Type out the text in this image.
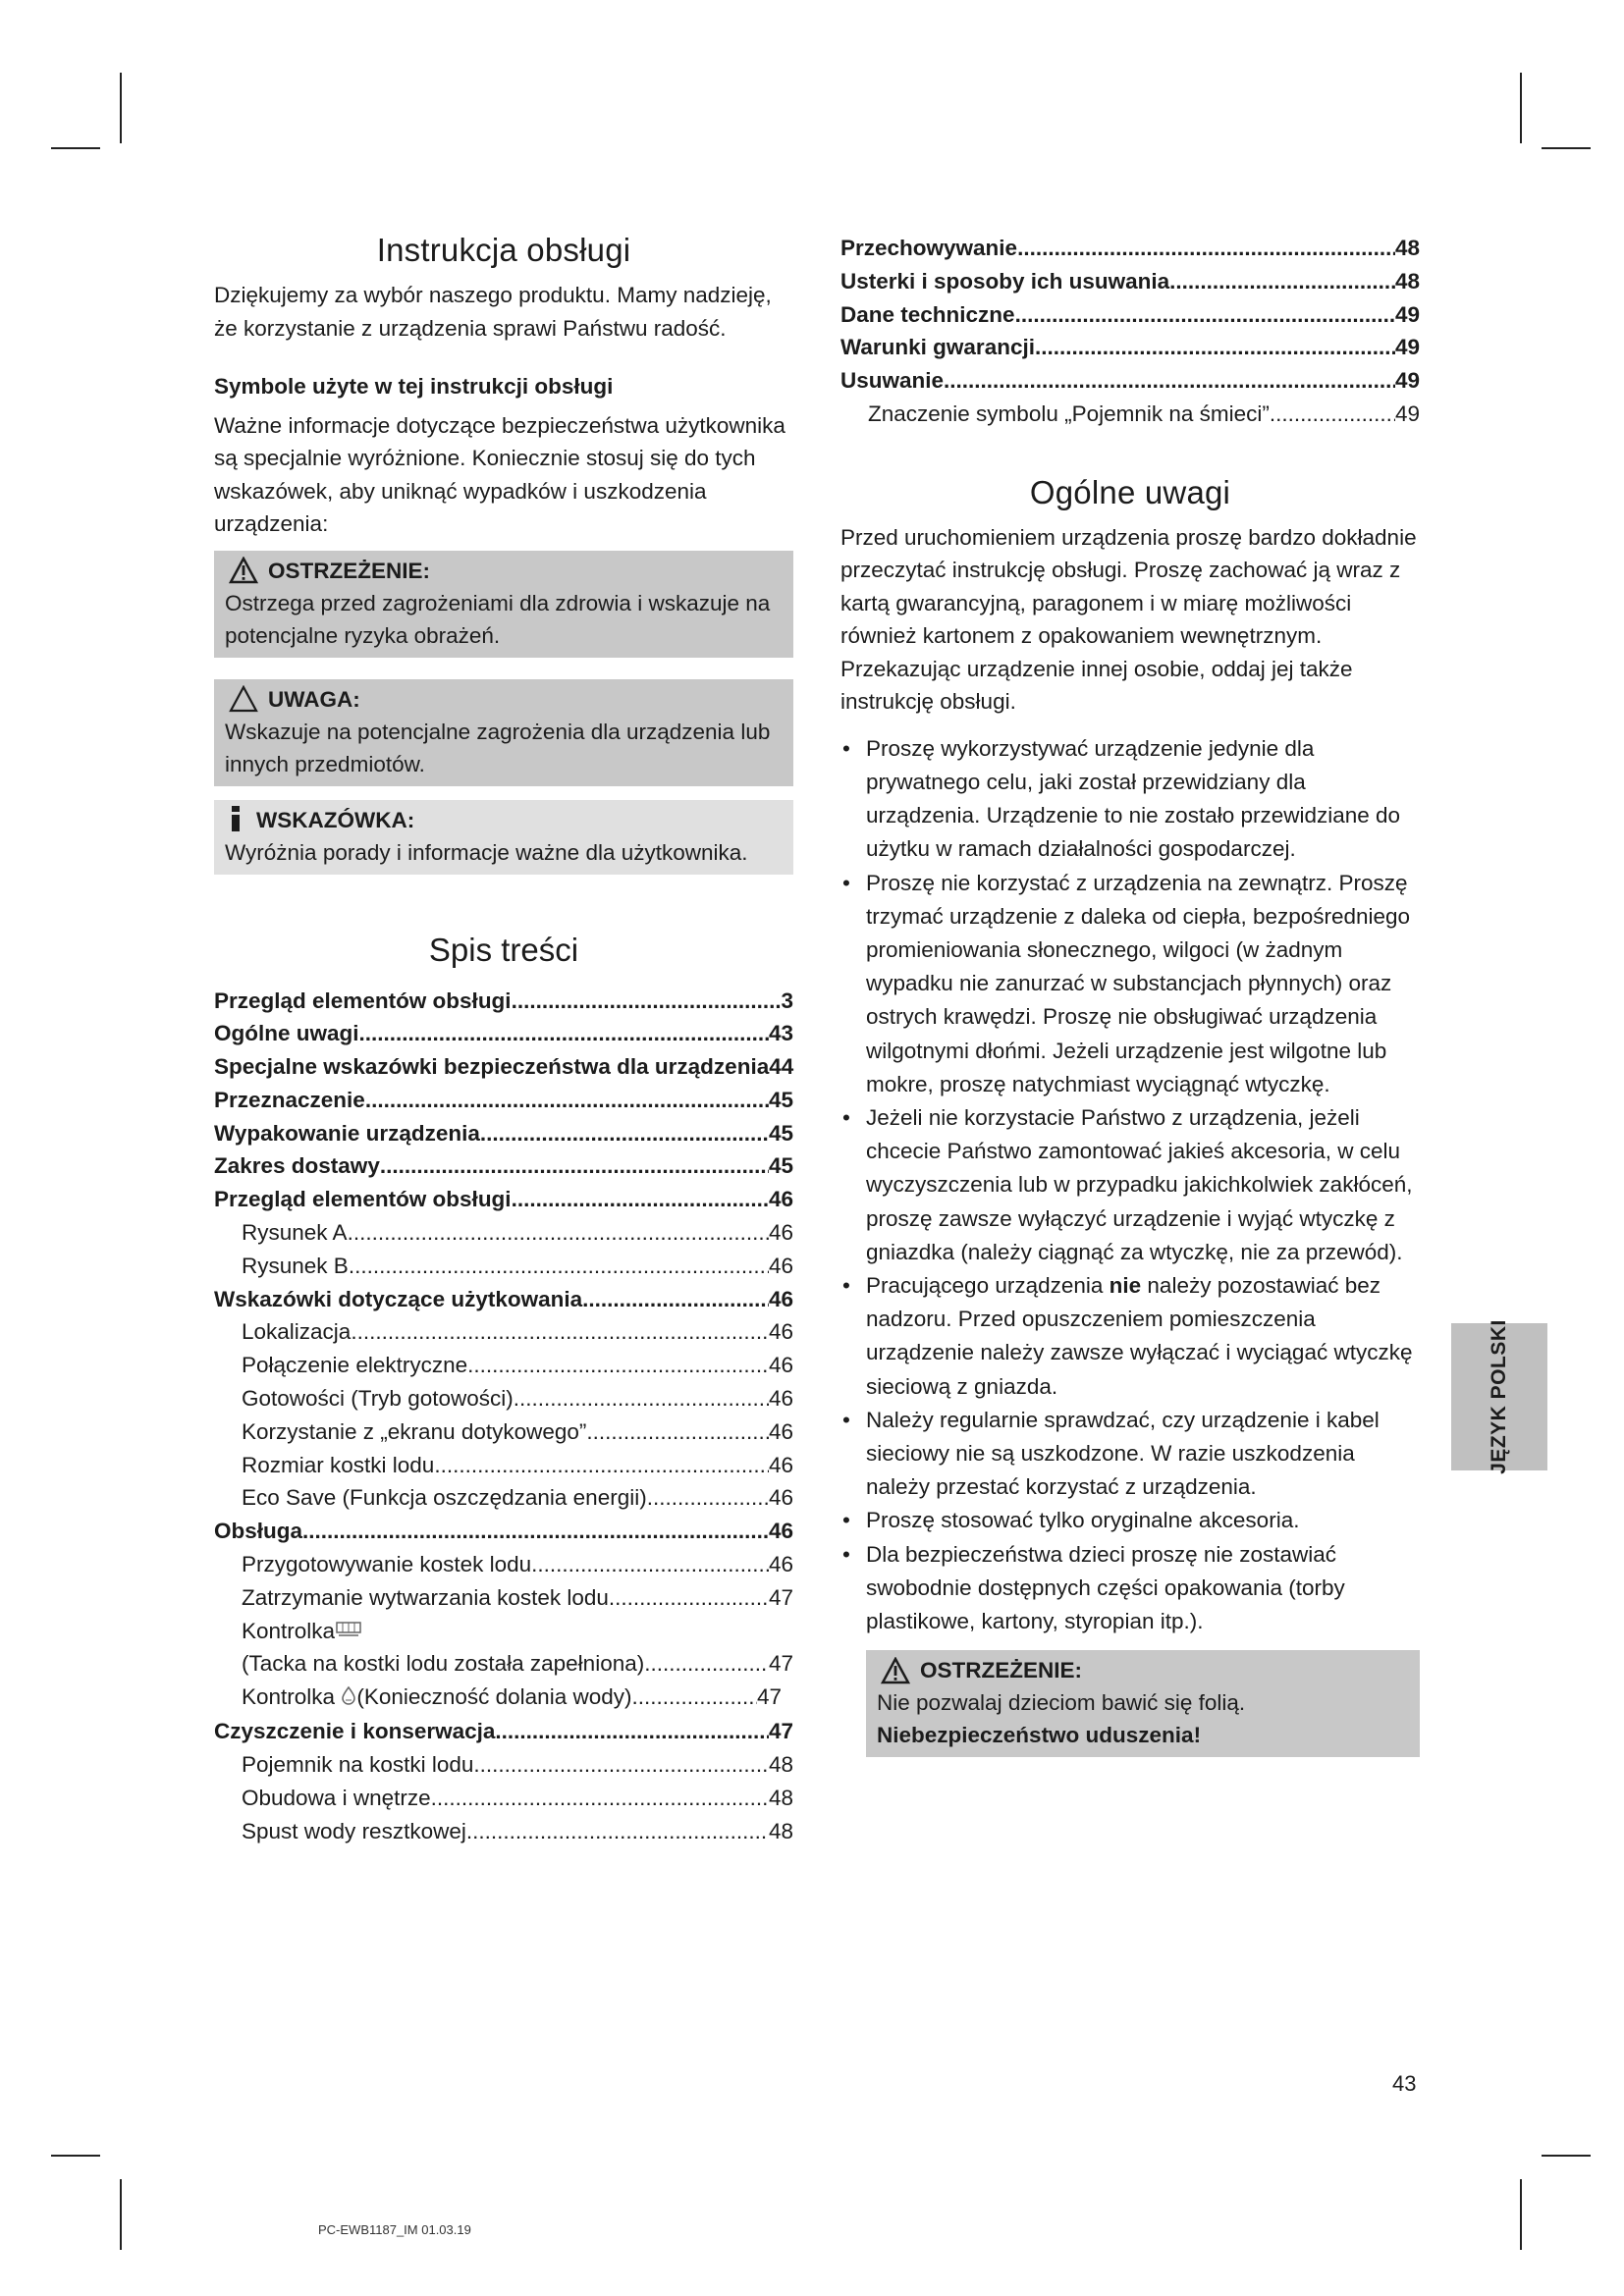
Instrukcja obsługi

Dziękujemy za wybór naszego produktu. Mamy nadzieję, że korzystanie z urządzenia sprawi Państwu radość.

Symbole użyte w tej instrukcji obsługi

Ważne informacje dotyczące bezpieczeństwa użytkownika są specjalnie wyróżnione. Koniecznie stosuj się do tych wskazówek, aby uniknąć wypadków i uszkodzenia urządzenia:

OSTRZEŻENIE:
Ostrzega przed zagrożeniami dla zdrowia i wskazuje na potencjalne ryzyka obrażeń.
UWAGA:
Wskazuje na potencjalne zagrożenia dla urządzenia lub innych przedmiotów.
WSKAZÓWKA:
Wyróżnia porady i informacje ważne dla użytkownika.
Spis treści
Przegląd elementów obsługi .....	3
Ogólne uwagi .....	43
Specjalne wskazówki bezpieczeństwa dla urządzenia 44
Przeznaczenie .....	45
Wypakowanie urządzenia .....	45
Zakres dostawy .....	45
Przegląd elementów obsługi .....	46
Rysunek A .....	46
Rysunek B .....	46
Wskazówki dotyczące użytkowania .....	46
Lokalizacja .....	46
Połączenie elektryczne .....	46
Gotowości (Tryb gotowości) .....	46
Korzystanie z „ekranu dotykowego” .....	46
Rozmiar kostki lodu .....	46
Eco Save (Funkcja oszczędzania energii) .....	46
Obsługa .....	46
Przygotowywanie kostek lodu .....	46
Zatrzymanie wytwarzania kostek lodu .....	47
Kontrolka
(Tacka na kostki lodu została zapełniona) .....	47
Kontrolka (Konieczność dolania wody) .....	47
Czyszczenie i konserwacja .....	47
Pojemnik na kostki lodu .....	48
Obudowa i wnętrze .....	48
Spust wody resztkowej .....	48
Przechowywanie .....	48
Usterki i sposoby ich usuwania .....	48
Dane techniczne .....	49
Warunki gwarancji .....	49
Usuwanie .....	49
Znaczenie symbolu „Pojemnik na śmieci” .....	49
Ogólne uwagi

Przed uruchomieniem urządzenia proszę bardzo dokładnie przeczytać instrukcję obsługi. Proszę zachować ją wraz z kartą gwarancyjną, paragonem i w miarę możliwości również kartonem z opakowaniem wewnętrznym. Przekazując urządzenie innej osobie, oddaj jej także instrukcję obsługi.

• Proszę wykorzystywać urządzenie jedynie dla prywatnego celu, jaki został przewidziany dla urządzenia. Urządzenie to nie zostało przewidziane do użytku w ramach działalności gospodarczej.
• Proszę nie korzystać z urządzenia na zewnątrz. Proszę trzymać urządzenie z daleka od ciepła, bezpośredniego promieniowania słonecznego, wilgoci (w żadnym wypadku nie zanurzać w substancjach płynnych) oraz ostrych krawędzi. Proszę nie obsługiwać urządzenia wilgotnymi dłońmi. Jeżeli urządzenie jest wilgotne lub mokre, proszę natychmiast wyciągnąć wtyczkę.
• Jeżeli nie korzystacie Państwo z urządzenia, jeżeli chcecie Państwo zamontować jakieś akcesoria, w celu wyczyszczenia lub w przypadku jakichkolwiek zakłóceń, proszę zawsze wyłączyć urządzenie i wyjąć wtyczkę z gniazdka (należy ciągnąć za wtyczkę, nie za przewód).
• Pracującego urządzenia nie należy pozostawiać bez nadzoru. Przed opuszczeniem pomieszczenia urządzenie należy zawsze wyłączać i wyciągać wtyczkę sieciową z gniazda.
• Należy regularnie sprawdzać, czy urządzenie i kabel sieciowy nie są uszkodzone. W razie uszkodzenia należy przestać korzystać z urządzenia.
• Proszę stosować tylko oryginalne akcesoria.
• Dla bezpieczeństwa dzieci proszę nie zostawiać swobodnie dostępnych części opakowania (torby plastikowe, kartony, styropian itp.).
OSTRZEŻENIE:
Nie pozwalaj dzieciom bawić się folią.
Niebezpieczeństwo uduszenia!
JĘZYK POLSKI
43
PC-EWB1187_IM 01.03.19
